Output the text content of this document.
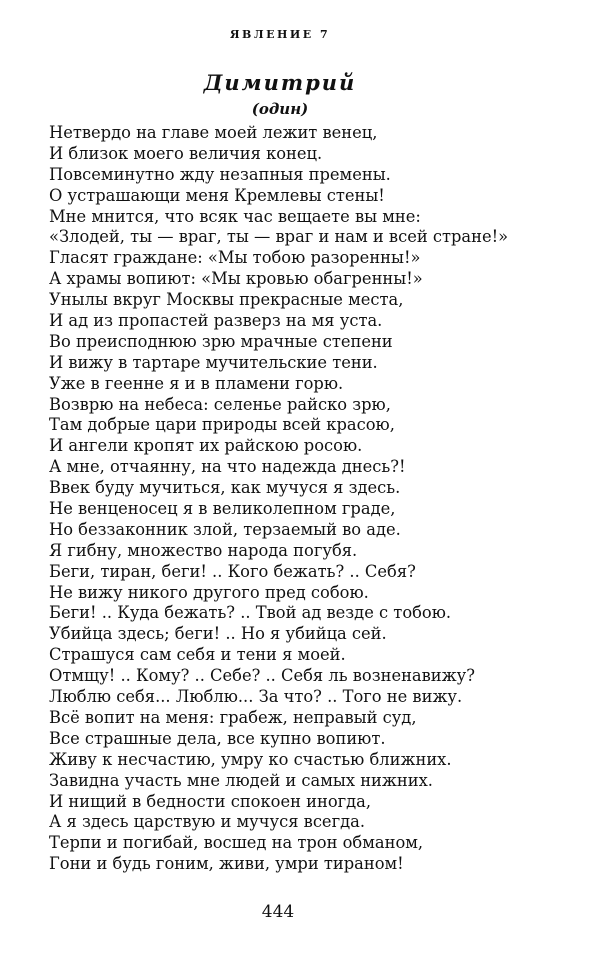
ЯВЛЕНИЕ 7
Димитрий

(один)

Нетвердо на главе моей лежит венец,
И близок моего величия конец.
Повсеминутно жду незапныя премены.
О устрашающи меня Кремлевы стены!
Мне мнится, что всяк час вещаете вы мне:
«Злодей, ты — враг, ты — враг и нам и всей стране!»
Гласят граждане: «Мы тобою разоренны!»
А храмы вопиют: «Мы кровью обагренны!»
Унылы вкруг Москвы прекрасные места,
И ад из пропастей разверз на мя уста.
Во преисподнюю зрю мрачные степени
И вижу в тартаре мучительские тени.
Уже в геенне я и в пламени горю.
Возврю на небеса: селенье райско зрю,
Там добрые цари природы всей красою,
И ангели кропят их райскою росою.
А мне, отчаянну, на что надежда днесь?!
Ввек буду мучиться, как мучуся я здесь.
Не венценосец я в великолепном граде,
Но беззаконник злой, терзаемый во аде.
Я гибну, множество народа погубя.
Беги, тиран, беги! .. Кого бежать? .. Себя?
Не вижу никого другого пред собою.
Беги! .. Куда бежать? .. Твой ад везде с тобою.
Убийца здесь; беги! .. Но я убийца сей.
Страшуся сам себя и тени я моей.
Отмщу! .. Кому? .. Себе? .. Себя ль возненавижу?
Люблю себя... Люблю... За что? .. Того не вижу.
Всё вопит на меня: грабеж, неправый суд,
Все страшные дела, все купно вопиют.
Живу к несчастию, умру ко счастью ближних.
Завидна участь мне людей и самых нижних.
И нищий в бедности спокоен иногда,
А я здесь царствую и мучуся всегда.
Терпи и погибай, восшед на трон обманом,
Гони и будь гоним, живи, умри тираном!

444
